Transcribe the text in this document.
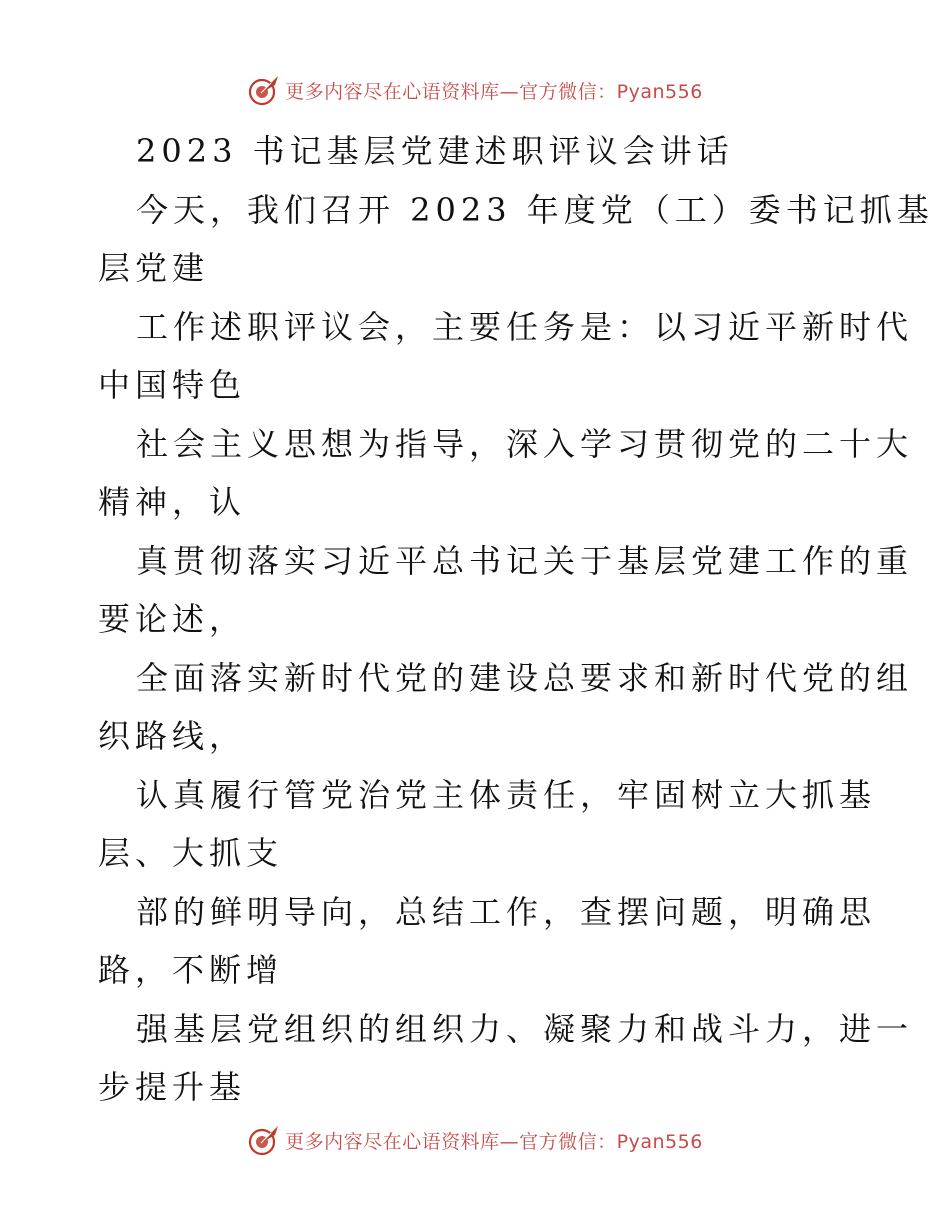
更多内容尽在心语资料库—官方微信：Pyan556
2023 书记基层党建述职评议会讲话
今天，我们召开 2023 年度党（工）委书记抓基
层党建
工作述职评议会，主要任务是：以习近平新时代
中国特色
社会主义思想为指导，深入学习贯彻党的二十大
精神，认
真贯彻落实习近平总书记关于基层党建工作的重
要论述，
全面落实新时代党的建设总要求和新时代党的组
织路线，
认真履行管党治党主体责任，牢固树立大抓基
层、大抓支
部的鲜明导向，总结工作，查摆问题，明确思
路，不断增
强基层党组织的组织力、凝聚力和战斗力，进一
步提升基
更多内容尽在心语资料库—官方微信：Pyan556
